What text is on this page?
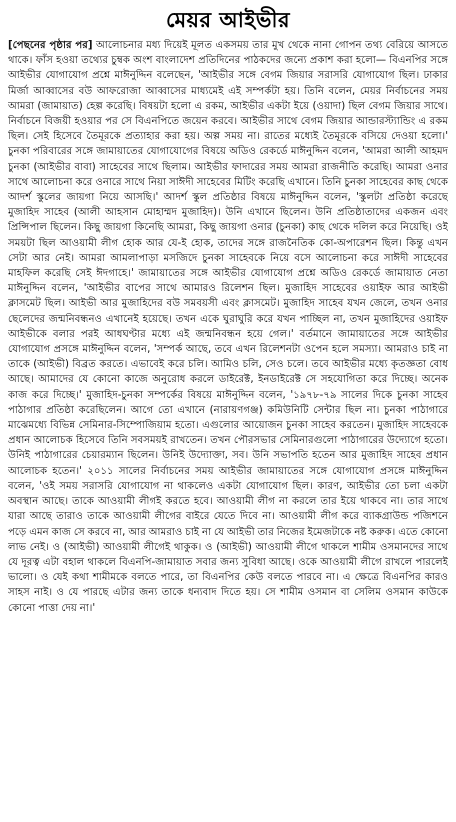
মেয়র আইভীর

[পেছনের পৃষ্ঠার পর] আলোচনার মধ্য দিয়েই মূলত একসময় তার মুখ থেকে নানা গোপন তথ্য বেরিয়ে আসতে থাকে। ফাঁস হওয়া তথ্যের চুম্বক অংশ বাংলাদেশ প্রতিদিনের পাঠকদের জন্যে প্রকাশ করা হলো— বিএনপির সঙ্গে আইভীর যোগাযোগ প্রশ্নে মাঈনুদ্দিন বলেছেন, 'আইভীর সঙ্গে বেগম জিয়ার সরাসরি যোগাযোগ ছিল। ঢাকার মির্জা আব্বাসের বউ আফরোজা আব্বাসের মাধ্যমেই এই সম্পর্কটা হয়। তিনি বলেন, মেয়র নির্বাচনের সময় আমরা (জামায়াত) হেল্প করেছি। বিষয়টা হলো এ রকম, আইভীর একটা ইয়ে (ওয়াদা) ছিল বেগম জিয়ার সাথে। নির্বাচনে বিজয়ী হওয়ার পর সে বিএনপিতে জয়েন করবে। আইভীর সাথে বেগম জিয়ার আন্ডারস্ট্যান্ডিং এ রকম ছিল। সেই হিসেবে তৈমূরকে প্রত্যাহার করা হয়। অল্প সময় না। রাতের মধ্যেই তৈমূরকে বসিয়ে দেওয়া হলো।' চুনকা পরিবারের সঙ্গে জামায়াতের যোগাযোগের বিষয়ে অডিও রেকর্ডে মাঈনুদ্দিন বলেন, 'আমরা আলী আহমদ চুনকা (আইভীর বাবা) সাহেবের সাথে ছিলাম। আইভীর ফাদারের সময় আমরা রাজনীতি করেছি। আমরা ওনার সাথে আলোচনা করে ওনারে সাথে নিয়া সাঈদী সাহেবের মিটিং করেছি এখানে। তিনি চুনকা সাহেবের কাছ থেকে আদর্শ স্কুলের জায়গা নিয়ে আসছি।' আদর্শ স্কুল প্রতিষ্ঠার বিষয়ে মাঈনুদ্দিন বলেন, 'স্কুলটা প্রতিষ্ঠা করেছে মুজাহিদ সাহেব (আলী আহসান মোহাম্মদ মুজাহিদ)। উনি এখানে ছিলেন। উনি প্রতিষ্ঠাতাদের একজন এবং প্রিন্সিপাল ছিলেন। কিছু জায়গা কিনেছি আমরা, কিছু জায়গা ওনার (চুনকা) কাছ থেকে দলিল করে নিয়েছি। ওই সময়টা ছিল আওয়ামী লীগ হোক আর যে-ই হোক, তাদের সঙ্গে রাজনৈতিক কো-অপারেশন ছিল। কিন্তু এখন সেটা আর নেই। আমরা আমলাপাড়া মসজিদে চুনকা সাহেবকে নিয়ে বসে আলোচনা করে সাঈদী সাহেবের মাহফিল করেছি সেই ঈদগাহে।' জামায়াতের সঙ্গে আইভীর যোগাযোগ প্রশ্নে অডিও রেকর্ডে জামায়াত নেতা মাঈনুদ্দিন বলেন, 'আইভীর বাপের সাথে আমারও রিলেশন ছিল। মুজাহিদ সাহেবের ওয়াইফ আর আইভী ক্লাসমেট ছিল। আইভী আর মুজাহিদের বউ সমবয়সী এবং ক্লাসমেট। মুজাহিদ সাহেব যখন জেলে, তখন ওনার ছেলেদের জন্মনিবন্ধনও এখানেই হয়েছে। তখন একে ঘুরাঘুরি করে যখন পাচ্ছিল না, তখন মুজাহিদের ওয়াইফ আইভীকে বলার পরই আধঘণ্টার মধ্যে এই জন্মনিবন্ধন হয়ে গেল।' বর্তমানে জামায়াতের সঙ্গে আইভীর যোগাযোগ প্রসঙ্গে মাঈনুদ্দিন বলেন, 'সম্পর্ক আছে, তবে এখন রিলেশনটা ওপেন হলে সমস্যা। আমরাও চাই না তাকে (আইভী) বিব্রত করতে। এভাবেই করে চলি। আমিও চলি, সেও চলে। তবে আইভীর মধ্যে কৃতজ্ঞতা বোধ আছে। আমাদের যে কোনো কাজে অনুরোধ করলে ডাইরেক্ট, ইনডাইরেক্ট সে সহযোগিতা করে দিচ্ছে। অনেক কাজ করে দিচ্ছে।' মুজাহিদ-চুনকা সম্পর্কের বিষয়ে মাঈনুদ্দিন বলেন, '১৯৭৮-৭৯ সালের দিকে চুনকা সাহেব পাঠাগার প্রতিষ্ঠা করেছিলেন। আগে তো এখানে (নারায়ণগঞ্জ) কমিউনিটি সেন্টার ছিল না। চুনকা পাঠাগারে মাঝেমধ্যে বিভিন্ন সেমিনার-সিম্পোজিয়াম হতো। এগুলোর আয়োজন চুনকা সাহেব করতেন। মুজাহিদ সাহেবকে প্রধান আলোচক হিসেবে তিনি সবসময়ই রাখতেন। তখন পৌরসভার সেমিনারগুলো পাঠাগারের উদ্যোগে হতো। উনিই পাঠাগারের চেয়ারম্যান ছিলেন। উনিই উদ্যোক্তা, সব। উনি সভাপতি হতেন আর মুজাহিদ সাহেব প্রধান আলোচক হতেন।' ২০১১ সালের নির্বাচনের সময় আইভীর জামায়াতের সঙ্গে যোগাযোগ প্রসঙ্গে মাঈনুদ্দিন বলেন, 'ওই সময় সরাসরি যোগাযোগ না থাকলেও একটা যোগাযোগ ছিল। কারণ, আইভীর তো চলা একটা অবস্থান আছে। তাকে আওয়ামী লীগই করতে হবে। আওয়ামী লীগ না করলে তার ইয়ে থাকবে না। তার সাথে যারা আছে তারাও তাকে আওয়ামী লীগের বাইরে যেতে দিবে না। আওয়ামী লীগ করে ব্যাকগ্রাউন্ড পজিশনে পড়ে এমন কাজ সে করবে না, আর আমরাও চাই না যে আইভী তার নিজের ইমেজটাকে নষ্ট করুক। এতে কোনো লাভ নেই। ও (আইভী) আওয়ামী লীগেই থাকুক। ও (আইভী) আওয়ামী লীগে থাকলে শামীম ওসমানদের সাথে যে দূরত্ব এটা বহাল থাকলে বিএনপি-জামায়াত সবার জন্য সুবিধা আছে। ওকে আওয়ামী লীগে রাখলে পারলেই ভালো। ও যেই কথা শামীমকে বলতে পারে, তা বিএনপির কেউ বলতে পারবে না। এ ক্ষেত্রে বিএনপির কারও সাহস নাই। ও যে পারছে এটার জন্য তাকে ধন্যবাদ দিতে হয়। সে শামীম ওসমান বা সেলিম ওসমান কাউকে কোনো পাত্তা দেয় না।'
